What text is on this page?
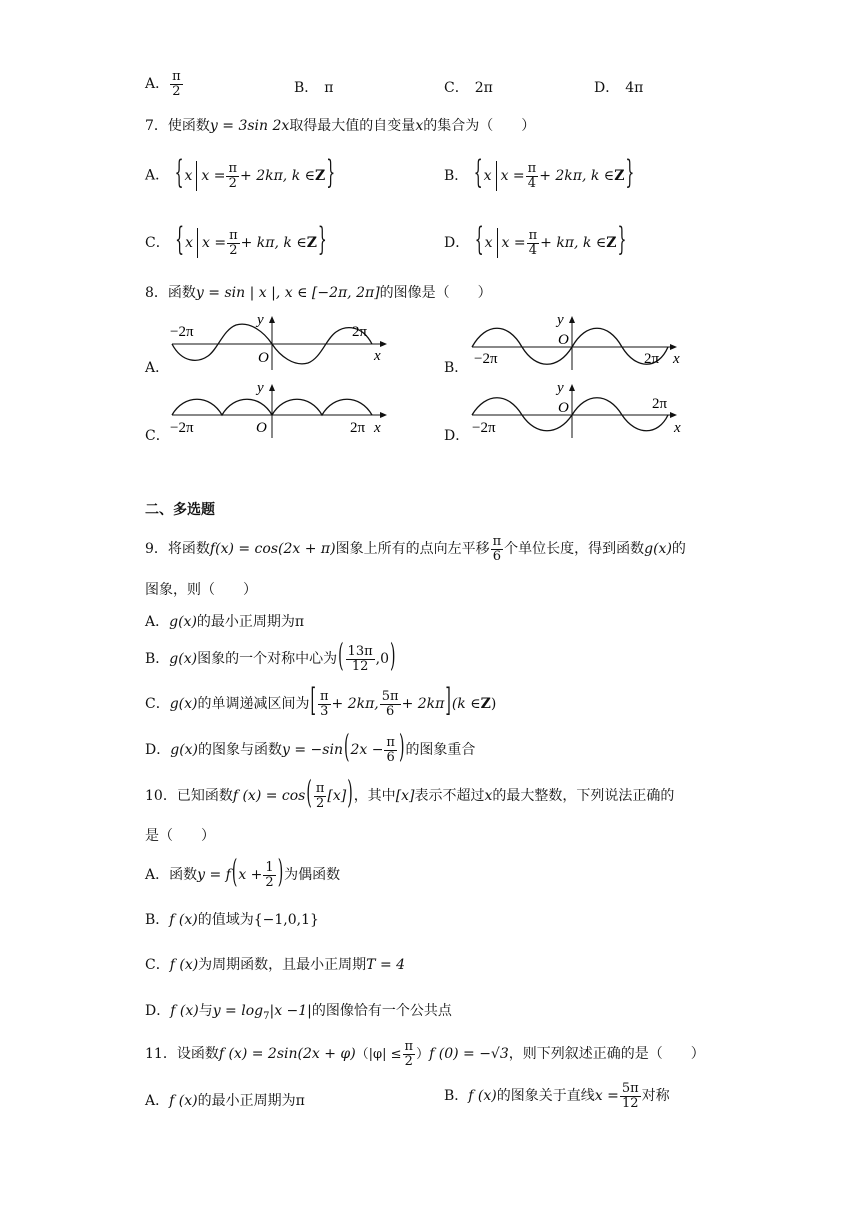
A． $\frac{\pi}{2}$	B． π	C． 2π	D． 4π
7．使函数y = 3sin 2x取得最大值的自变量x的集合为（　　）
A． {x $x = \frac{\pi}{2} + 2k\pi$, k ∈Z}	B． {x $x = \frac{\pi}{4} + 2k\pi$, k ∈Z}
C． {x $x = \frac{\pi}{2} + k\pi$, k ∈Z}	D． {x $x = \frac{\pi}{4} + k\pi$, k ∈Z}
8．函数y = sin | x |, x ∈ [−2π, 2π]的图像是（　　）
A．	B．
C．	D．
−2π	2π
O
y
x	−2π	2π
O
y
x
−2π	2π
O
y
x	−2π
2π
O
y
x
二、多选题
9．将函数f(x) = cos(2x + π)图象上所有的点向左平移 $\frac{\pi}{6}$ 个单位长度，得到函数g(x)的
图象，则（　　）
A．g(x)的最小正周期为π
B．g(x)图象的一个对称中心为( $\frac{13\pi}{12} ,0$)
C．g(x)的单调递减区间为[ $\frac{\pi}{3} + 2k\pi$, $\frac{5\pi}{6} + 2k\pi](k$ ∈Z)
D．g(x)的图象与函数$y = -\sin(2x - \frac{\pi}{6}$ )的图象重合
10．已知函数f $(x) = \cos( \frac{\pi}{2} [x])$，其中[x]表示不超过x的最大整数，下列说法正确的
是（　　）
A．函数$y = f(x + \frac{1}{2}$ )为偶函数
B．f (x)的值域为{−1,0,1}
C．f (x)为周期函数，且最小正周期T = 4
D．f (x)与$y = \log_7|x -1|$的图像恰有一个公共点
11．设函数f $(x) = 2\sin(2x + \varphi)(|\varphi| \le \frac{\pi}{2} )f$ (0) = −√3，则下列叙述正确的是（　　）
A．f (x)的最小正周期为π	B．f (x)的图象关于直线$x = \frac{5\pi}{12}$ 对称
